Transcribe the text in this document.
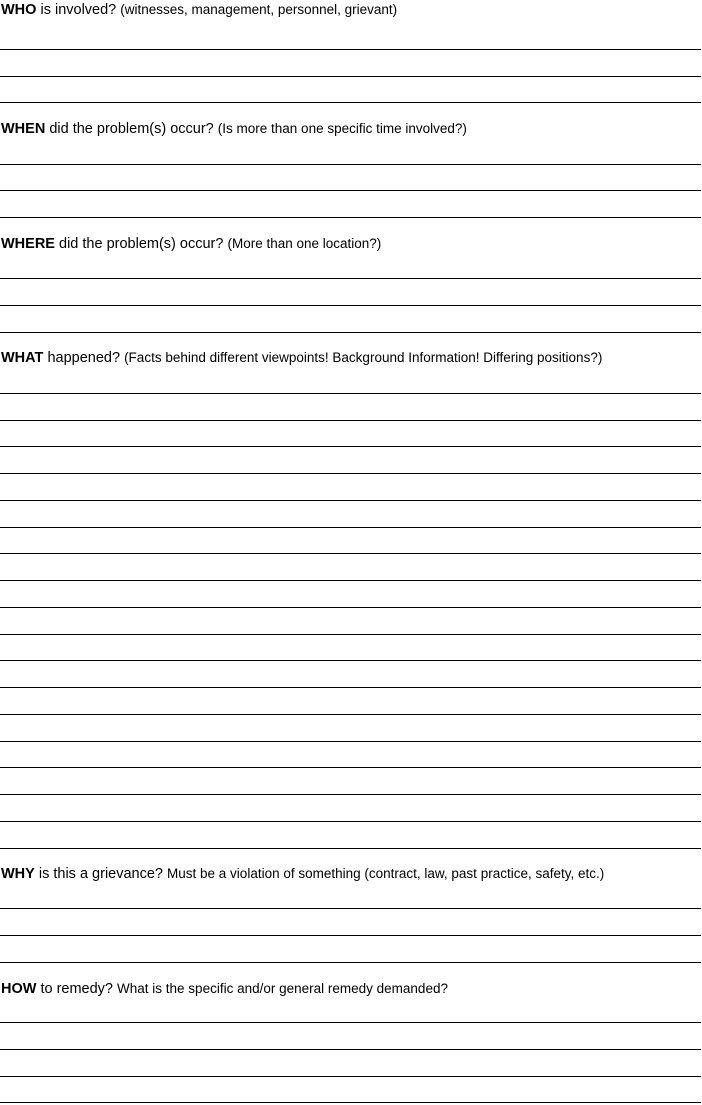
WHO is involved? (witnesses, management, personnel, grievant)
WHEN did the problem(s) occur? (Is more than one specific time involved?)
WHERE did the problem(s) occur? (More than one location?)
WHAT happened? (Facts behind different viewpoints! Background Information! Differing positions?)
WHY is this a grievance? Must be a violation of something (contract, law, past practice, safety, etc.)
HOW to remedy? What is the specific and/or general remedy demanded?
